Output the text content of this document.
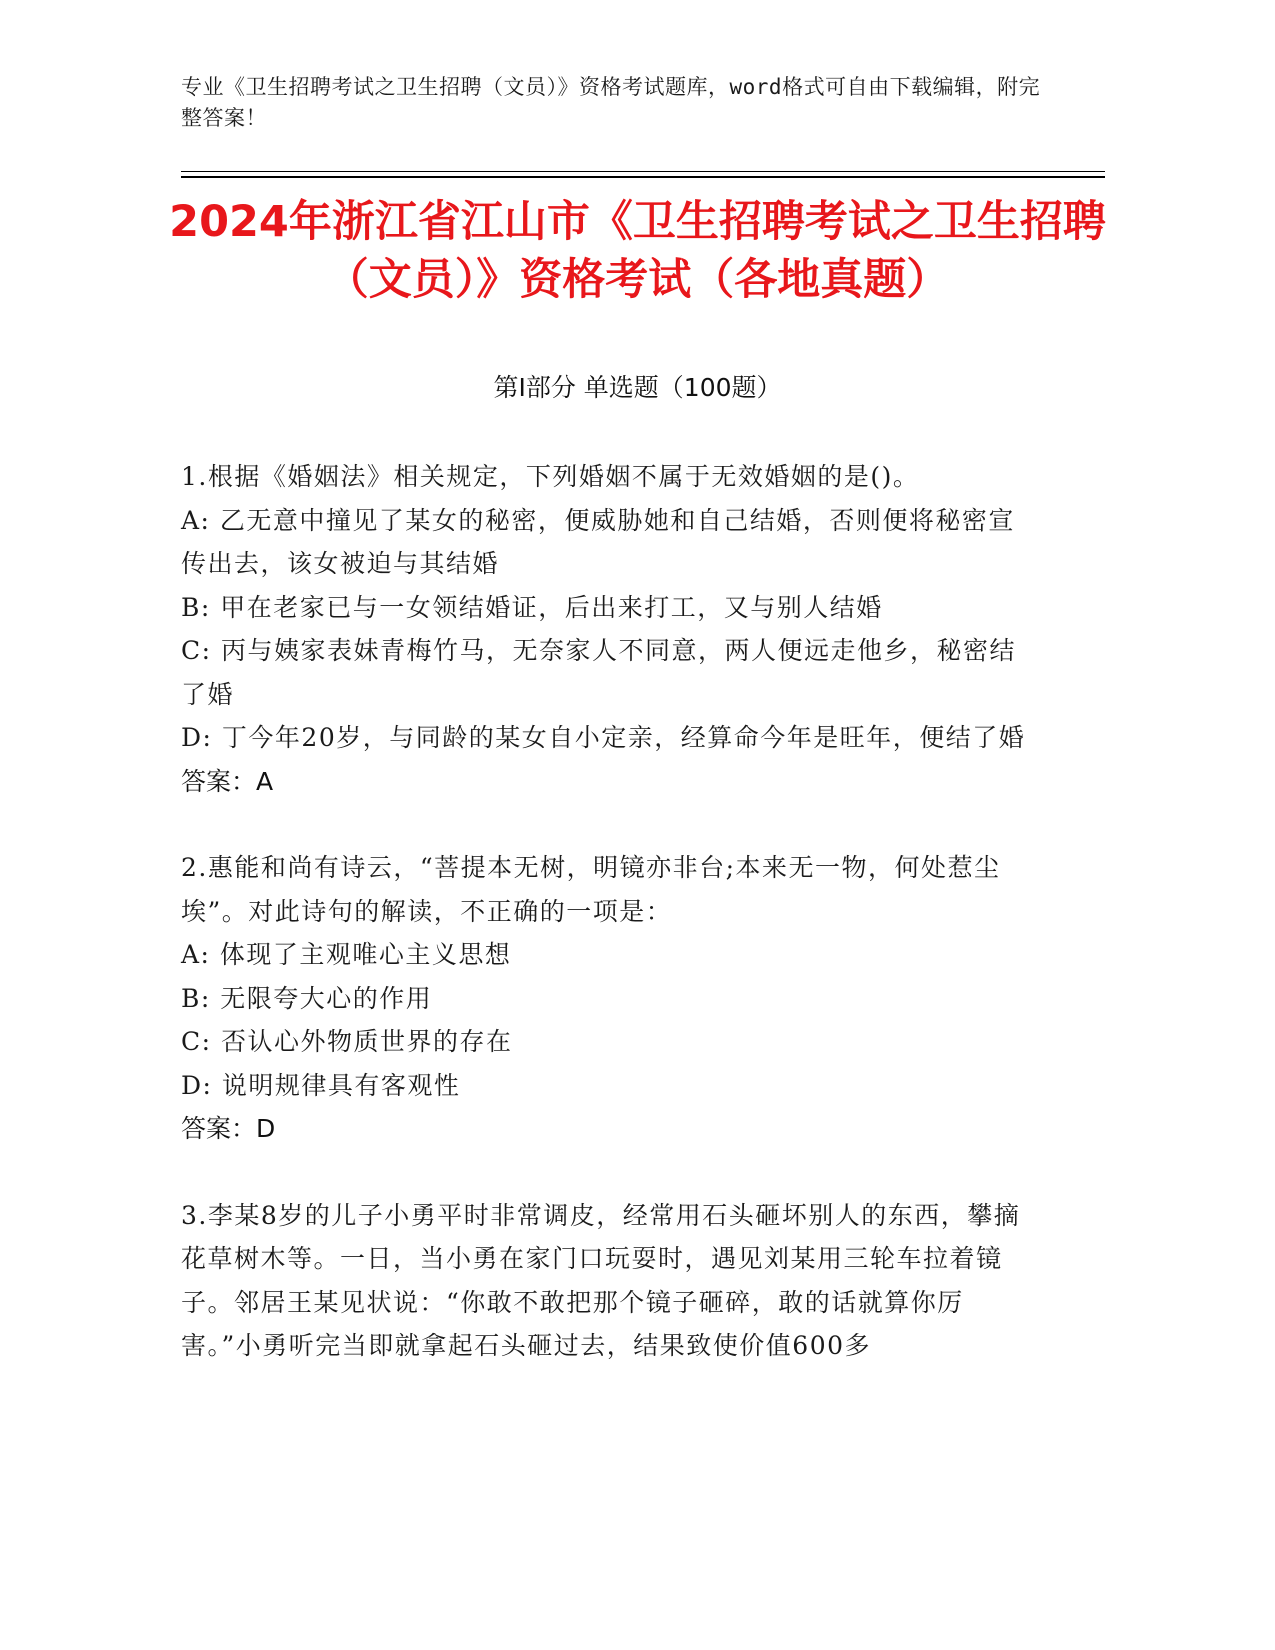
专业《卫生招聘考试之卫生招聘（文员）》资格考试题库，word格式可自由下载编辑，附完整答案！
2024年浙江省江山市《卫生招聘考试之卫生招聘（文员）》资格考试（各地真题）
第Ⅰ部分 单选题（100题）
1.根据《婚姻法》相关规定，下列婚姻不属于无效婚姻的是()。
A: 乙无意中撞见了某女的秘密，便威胁她和自己结婚，否则便将秘密宣传出去，该女被迫与其结婚
B: 甲在老家已与一女领结婚证，后出来打工，又与别人结婚
C: 丙与姨家表妹青梅竹马，无奈家人不同意，两人便远走他乡，秘密结了婚
D: 丁今年20岁，与同龄的某女自小定亲，经算命今年是旺年，便结了婚
答案：A
2.惠能和尚有诗云，“菩提本无树，明镜亦非台;本来无一物，何处惹尘埃”。对此诗句的解读，不正确的一项是：
A: 体现了主观唯心主义思想
B: 无限夸大心的作用
C: 否认心外物质世界的存在
D: 说明规律具有客观性
答案：D
3.李某8岁的儿子小勇平时非常调皮，经常用石头砸坏别人的东西，攀摘花草树木等。一日，当小勇在家门口玩耍时，遇见刘某用三轮车拉着镜子。邻居王某见状说：“你敢不敢把那个镜子砸碎，敢的话就算你厉害。”小勇听完当即就拿起石头砸过去，结果致使价值600多
